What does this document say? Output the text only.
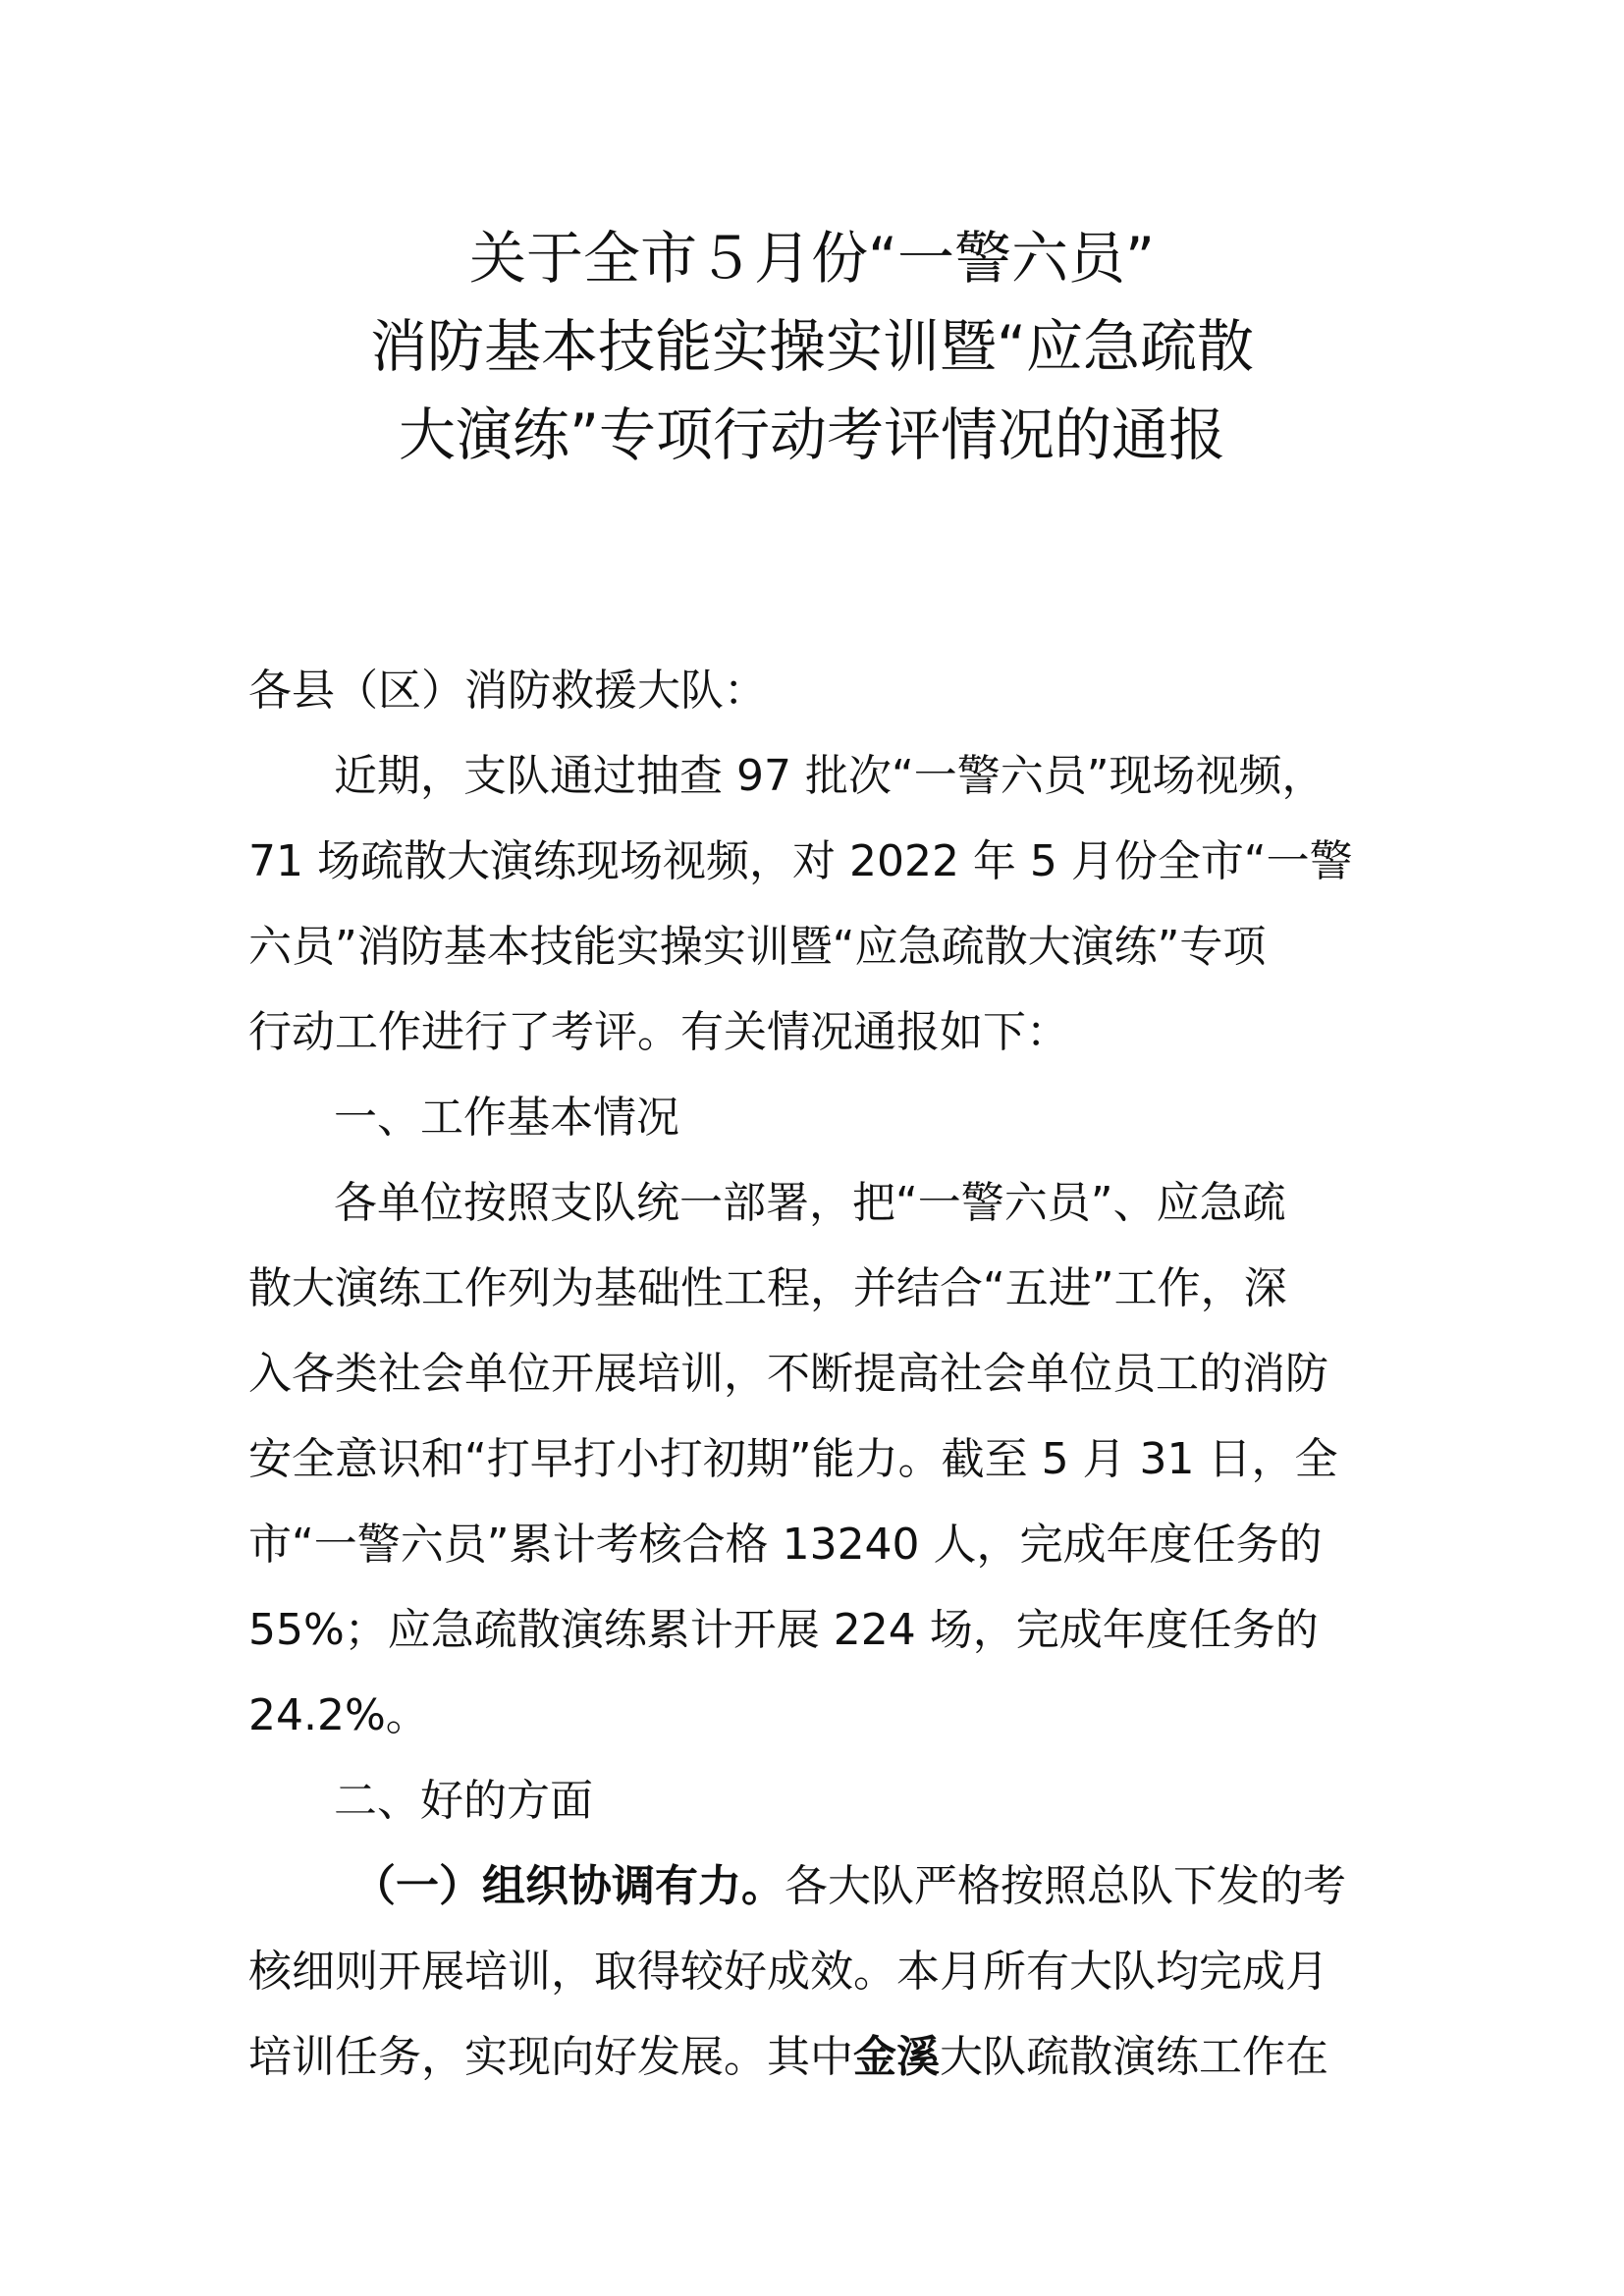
关于全市５月份“一警六员”
消防基本技能实操实训暨“应急疏散
大演练”专项行动考评情况的通报
各县（区）消防救援大队：
近期，支队通过抽查 97 批次“一警六员”现场视频，
71 场疏散大演练现场视频，对 2022 年 5 月份全市“一警
六员”消防基本技能实操实训暨“应急疏散大演练”专项
行动工作进行了考评。有关情况通报如下：
一、工作基本情况
各单位按照支队统一部署，把“一警六员”、应急疏
散大演练工作列为基础性工程，并结合“五进”工作，深
入各类社会单位开展培训，不断提高社会单位员工的消防
安全意识和“打早打小打初期”能力。截至 5 月 31 日，全
市“一警六员”累计考核合格 13240 人，完成年度任务的
55%；应急疏散演练累计开展 224 场，完成年度任务的
24.2%。
二、好的方面
（一）组织协调有力。各大队严格按照总队下发的考
核细则开展培训，取得较好成效。本月所有大队均完成月
培训任务，实现向好发展。其中金溪大队疏散演练工作在
